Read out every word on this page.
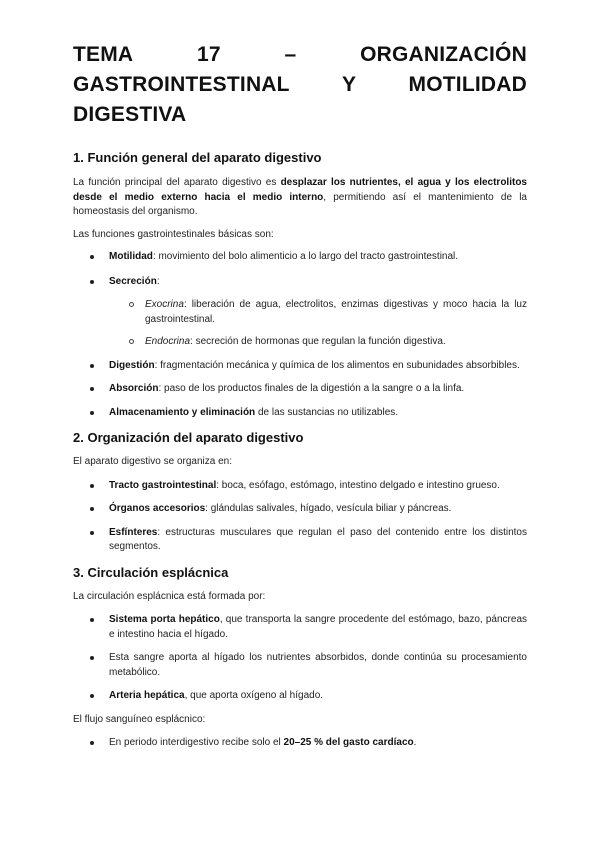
TEMA	17	–	ORGANIZACIÓN
GASTROINTESTINAL Y MOTILIDAD
DIGESTIVA
1. Función general del aparato digestivo

La función principal del aparato digestivo es desplazar los nutrientes, el agua y los electrolitos desde el medio externo hacia el medio interno, permitiendo así el mantenimiento de la homeostasis del organismo.

Las funciones gastrointestinales básicas son:

Motilidad: movimiento del bolo alimenticio a lo largo del tracto gastrointestinal.
Secreción:
Exocrina: liberación de agua, electrolitos, enzimas digestivas y moco hacia la luz gastrointestinal.
Endocrina: secreción de hormonas que regulan la función digestiva.
Digestión: fragmentación mecánica y química de los alimentos en subunidades absorbibles.
Absorción: paso de los productos finales de la digestión a la sangre o a la linfa.
Almacenamiento y eliminación de las sustancias no utilizables.
2. Organización del aparato digestivo

El aparato digestivo se organiza en:

Tracto gastrointestinal: boca, esófago, estómago, intestino delgado e intestino grueso.
Órganos accesorios: glándulas salivales, hígado, vesícula biliar y páncreas.
Esfínteres: estructuras musculares que regulan el paso del contenido entre los distintos segmentos.
3. Circulación esplácnica

La circulación esplácnica está formada por:

Sistema porta hepático, que transporta la sangre procedente del estómago, bazo, páncreas e intestino hacia el hígado.
Esta sangre aporta al hígado los nutrientes absorbidos, donde continúa su procesamiento metabólico.
Arteria hepática, que aporta oxígeno al hígado.

El flujo sanguíneo esplácnico:

En periodo interdigestivo recibe solo el 20–25 % del gasto cardíaco.
